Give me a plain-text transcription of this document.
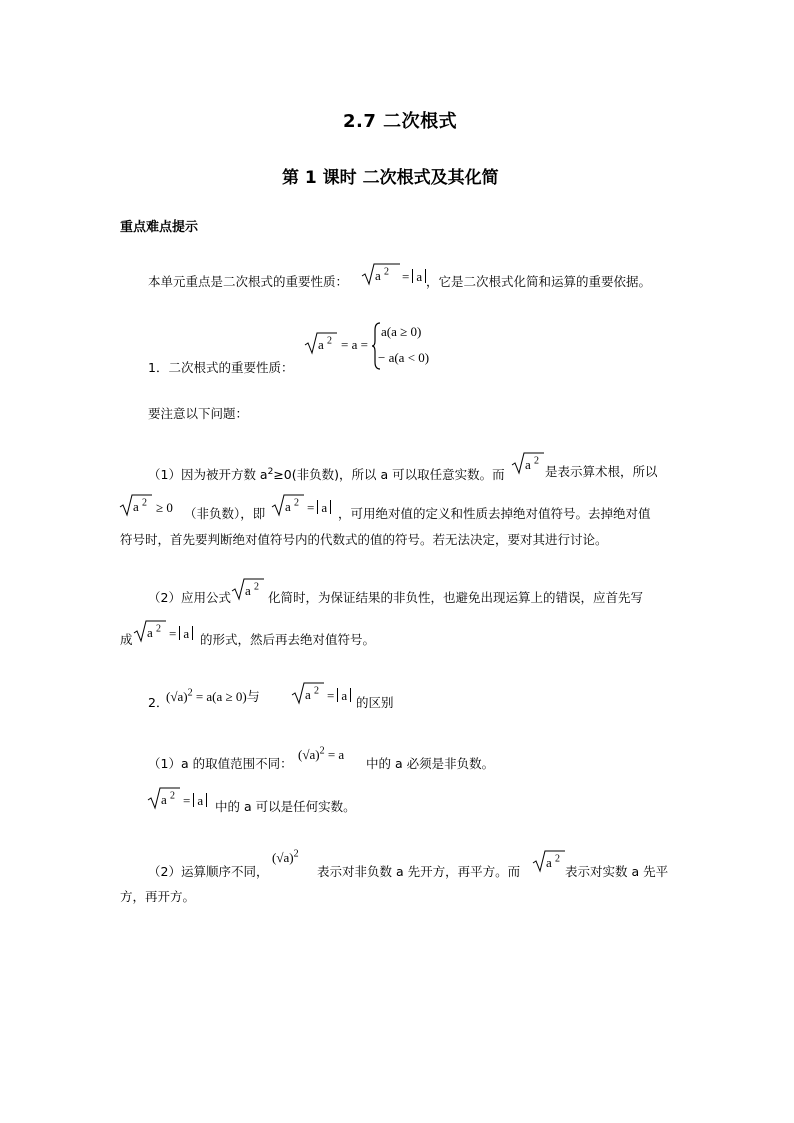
2.7 二次根式
第 1 课时 二次根式及其化简
重点难点提示
本单元重点是二次根式的重要性质： a $^2$ = a ，它是二次根式化简和运算的重要依据。
a $^2$ = a =
a(a ≥ 0)
− a(a < 0)
1．二次根式的重要性质：
要注意以下问题：
（1）因为被开方数 $a^2\ge 0$(非负数)，所以 a 可以取任意实数。而
a $^2$
是表示算术根，所以
a $^2$ ≥ 0 （非负数），即 a $^2$ = a ，可用绝对值的定义和性质去掉绝对值符号。去掉绝对值
符号时，首先要判断绝对值符号内的代数式的值的符号。若无法决定，要对其进行讨论。
（2）应用公式 a $^2$
化简时，为保证结果的非负性，也避免出现运算上的错误，应首先写
成 a $^2$ = a 的形式，然后再去绝对值符号。
2．
$(√a)^2 = a(a \ge 0)$与	a $^2$ = a 的区别
（1）a 的取值范围不同：
$(√a)^2 = a$
中的 a 必须是非负数。
a $^2$ = a 中的 a 可以是任何实数。
（2）运算顺序不同，
$(√a)^2$
表示对非负数 a 先开方，再平方。而
a $^2$
表示对实数 a 先平
方，再开方。
